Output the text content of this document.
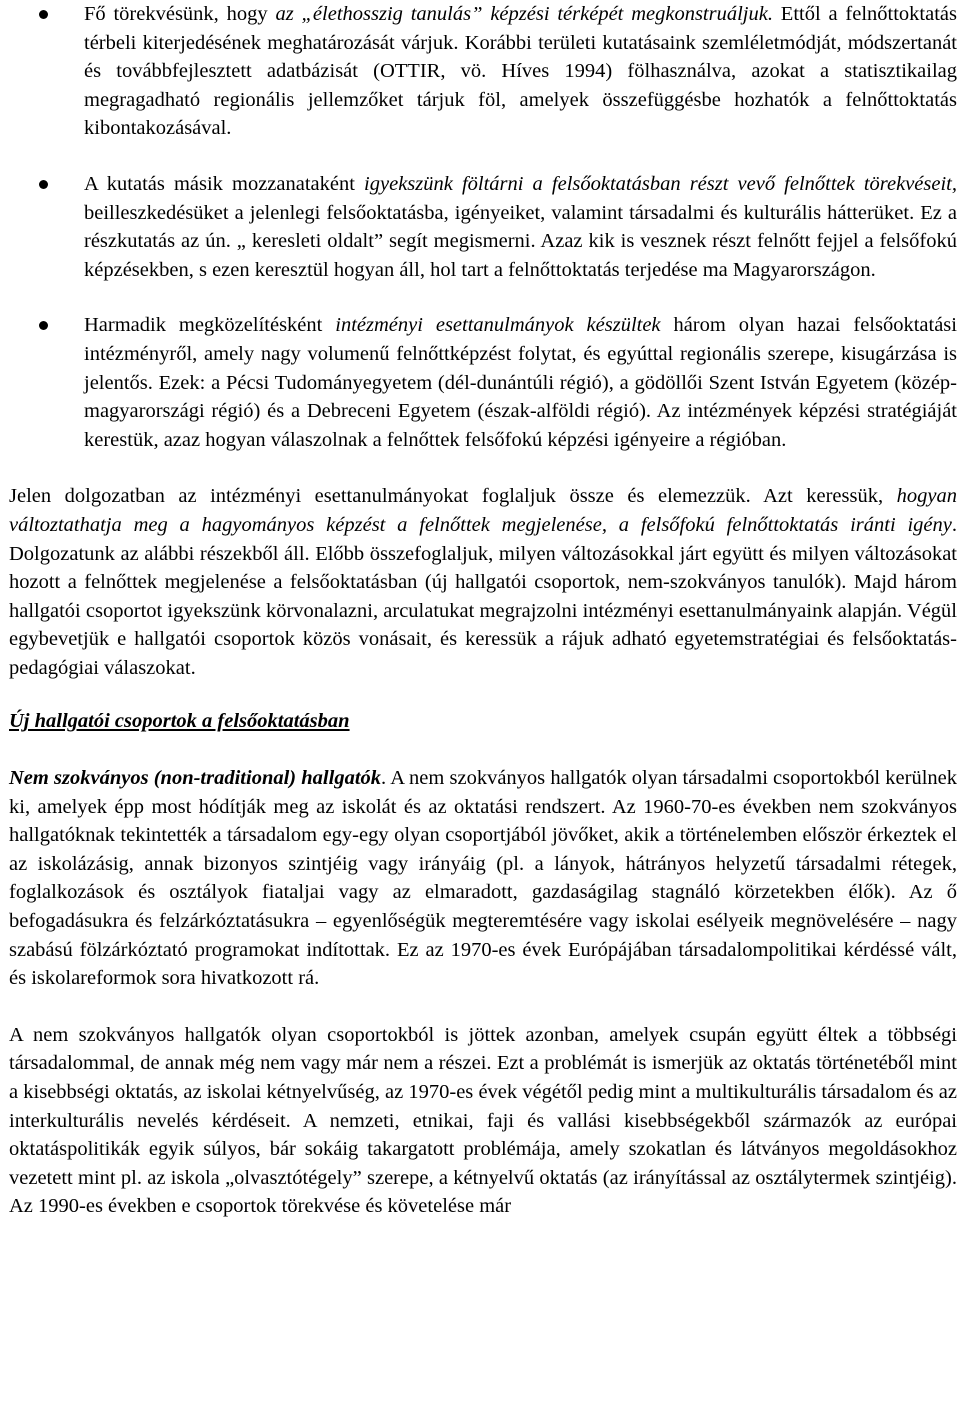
Fő törekvésünk, hogy az „élethosszig tanulás” képzési térképét megkonstruáljuk. Ettől a felnőttoktatás térbeli kiterjedésének meghatározását várjuk. Korábbi területi kutatásaink szemléletmódját, módszertanát és továbbfejlesztett adatbázisát (OTTIR, vö. Híves 1994) fölhasználva, azokat a statisztikailag megragadható regionális jellemzőket tárjuk föl, amelyek összefüggésbe hozhatók a felnőttoktatás kibontakozásával.
A kutatás másik mozzanataként igyekszünk föltárni a felsőoktatásban részt vevő felnőttek törekvéseit, beilleszkedésüket a jelenlegi felsőoktatásba, igényeiket, valamint társadalmi és kulturális hátterüket. Ez a részkutatás az ún. „ keresleti oldalt” segít megismerni. Azaz kik is vesznek részt felnőtt fejjel a felsőfokú képzésekben, s ezen keresztül hogyan áll, hol tart a felnőttoktatás terjedése ma Magyarországon.
Harmadik megközelítésként intézményi esettanulmányok készültek három olyan hazai felsőoktatási intézményről, amely nagy volumenű felnőttképzést folytat, és egyúttal regionális szerepe, kisugárzása is jelentős. Ezek: a Pécsi Tudományegyetem (dél-dunántúli régió), a gödöllői Szent István Egyetem (közép-magyarországi régió) és a Debreceni Egyetem (észak-alföldi régió). Az intézmények képzési stratégiáját kerestük, azaz hogyan válaszolnak a felnőttek felsőfokú képzési igényeire a régióban.

Jelen dolgozatban az intézményi esettanulmányokat foglaljuk össze és elemezzük. Azt keressük, hogyan változtathatja meg a hagyományos képzést a felnőttek megjelenése, a felsőfokú felnőttoktatás iránti igény. Dolgozatunk az alábbi részekből áll. Előbb összefoglaljuk, milyen változásokkal járt együtt és milyen változásokat hozott a felnőttek megjelenése a felsőoktatásban (új hallgatói csoportok, nem-szokványos tanulók). Majd három hallgatói csoportot igyekszünk körvonalazni, arculatukat megrajzolni intézményi esettanulmányaink alapján. Végül egybevetjük e hallgatói csoportok közös vonásait, és keressük a rájuk adható egyetemstratégiai és felsőoktatás-pedagógiai válaszokat.

Új hallgatói csoportok a felsőoktatásban

Nem szokványos (non-traditional) hallgatók. A nem szokványos hallgatók olyan társadalmi csoportokból kerülnek ki, amelyek épp most hódítják meg az iskolát és az oktatási rendszert. Az 1960-70-es években nem szokványos hallgatóknak tekintették a társadalom egy-egy olyan csoportjából jövőket, akik a történelemben először érkeztek el az iskolázásig, annak bizonyos szintjéig vagy irányáig (pl. a lányok, hátrányos helyzetű társadalmi rétegek, foglalkozások és osztályok fiataljai vagy az elmaradott, gazdaságilag stagnáló körzetekben élők). Az ő befogadásukra és felzárkóztatásukra – egyenlőségük megteremtésére vagy iskolai esélyeik megnövelésére – nagy szabású fölzárkóztató programokat indítottak. Ez az 1970-es évek Európájában társadalompolitikai kérdéssé vált, és iskolareformok sora hivatkozott rá.

A nem szokványos hallgatók olyan csoportokból is jöttek azonban, amelyek csupán együtt éltek a többségi társadalommal, de annak még nem vagy már nem a részei. Ezt a problémát is ismerjük az oktatás történetéből mint a kisebbségi oktatás, az iskolai kétnyelvűség, az 1970-es évek végétől pedig mint a multikulturális társadalom és az interkulturális nevelés kérdéseit. A nemzeti, etnikai, faji és vallási kisebbségekből származók az európai oktatáspolitikák egyik súlyos, bár sokáig takargatott problémája, amely szokatlan és látványos megoldásokhoz vezetett mint pl. az iskola „olvasztótégely” szerepe, a kétnyelvű oktatás (az irányítással az osztálytermek szintjéig). Az 1990-es években e csoportok törekvése és követelése már
